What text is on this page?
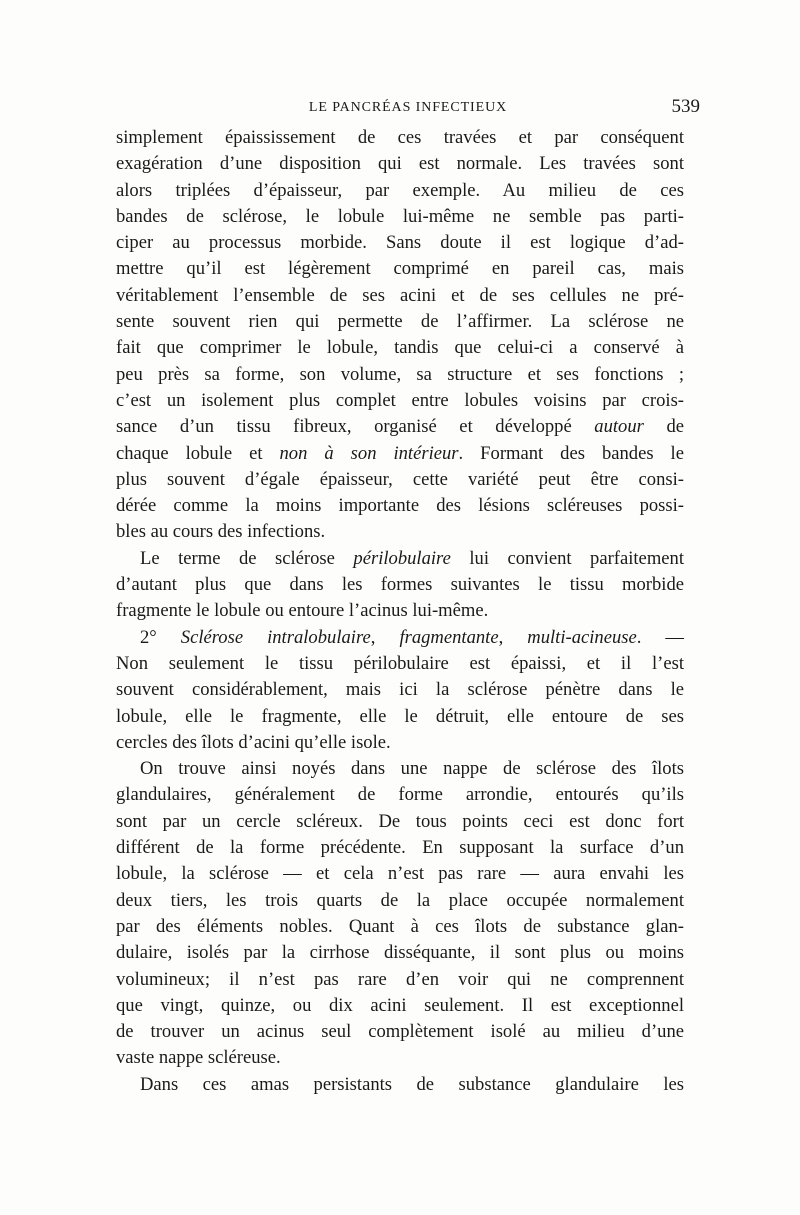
LE PANCRÉAS INFECTIEUX	539
simplement épaississement de ces travées et par conséquent
exagération d’une disposition qui est normale. Les travées sont
alors triplées d’épaisseur, par exemple. Au milieu de ces
bandes de sclérose, le lobule lui-même ne semble pas parti-
ciper au processus morbide. Sans doute il est logique d’ad-
mettre qu’il est légèrement comprimé en pareil cas, mais
véritablement l’ensemble de ses acini et de ses cellules ne pré-
sente souvent rien qui permette de l’affirmer. La sclérose ne
fait que comprimer le lobule, tandis que celui-ci a conservé à
peu près sa forme, son volume, sa structure et ses fonctions ;
c’est un isolement plus complet entre lobules voisins par crois-
sance d’un tissu fibreux, organisé et développé autour de
chaque lobule et non à son intérieur. Formant des bandes le
plus souvent d’égale épaisseur, cette variété peut être consi-
dérée comme la moins importante des lésions scléreuses possi-
bles au cours des infections.
Le terme de sclérose périlobulaire lui convient parfaitement
d’autant plus que dans les formes suivantes le tissu morbide
fragmente le lobule ou entoure l’acinus lui-même.
2° Sclérose intralobulaire, fragmentante, multi-acineuse. —
Non seulement le tissu périlobulaire est épaissi, et il l’est
souvent considérablement, mais ici la sclérose pénètre dans le
lobule, elle le fragmente, elle le détruit, elle entoure de ses
cercles des îlots d’acini qu’elle isole.
On trouve ainsi noyés dans une nappe de sclérose des îlots
glandulaires, généralement de forme arrondie, entourés qu’ils
sont par un cercle scléreux. De tous points ceci est donc fort
différent de la forme précédente. En supposant la surface d’un
lobule, la sclérose — et cela n’est pas rare — aura envahi les
deux tiers, les trois quarts de la place occupée normalement
par des éléments nobles. Quant à ces îlots de substance glan-
dulaire, isolés par la cirrhose disséquante, il sont plus ou moins
volumineux; il n’est pas rare d’en voir qui ne comprennent
que vingt, quinze, ou dix acini seulement. Il est exceptionnel
de trouver un acinus seul complètement isolé au milieu d’une
vaste nappe scléreuse.
Dans ces amas persistants de substance glandulaire les
